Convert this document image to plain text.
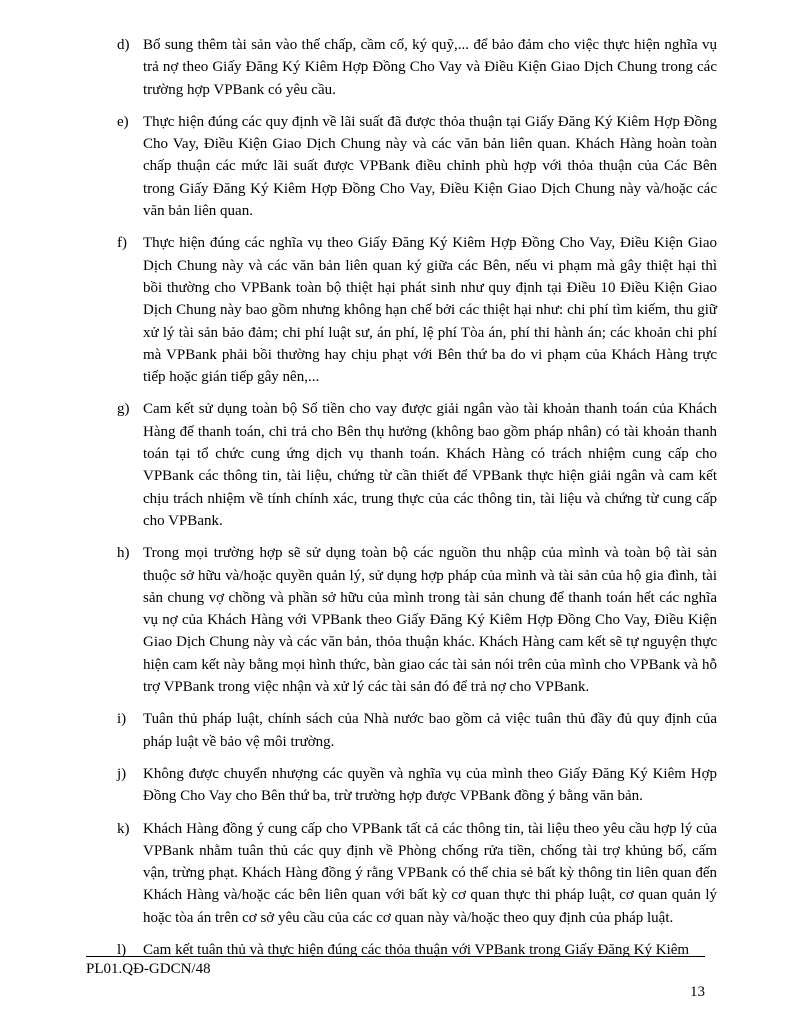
d) Bổ sung thêm tài sản vào thế chấp, cầm cố, ký quỹ,... để bảo đảm cho việc thực hiện nghĩa vụ trả nợ theo Giấy Đăng Ký Kiêm Hợp Đồng Cho Vay và Điều Kiện Giao Dịch Chung trong các trường hợp VPBank có yêu cầu.
e) Thực hiện đúng các quy định về lãi suất đã được thỏa thuận tại Giấy Đăng Ký Kiêm Hợp Đồng Cho Vay, Điều Kiện Giao Dịch Chung này và các văn bản liên quan. Khách Hàng hoàn toàn chấp thuận các mức lãi suất được VPBank điều chỉnh phù hợp với thỏa thuận của Các Bên trong Giấy Đăng Ký Kiêm Hợp Đồng Cho Vay, Điều Kiện Giao Dịch Chung này và/hoặc các văn bản liên quan.
f) Thực hiện đúng các nghĩa vụ theo Giấy Đăng Ký Kiêm Hợp Đồng Cho Vay, Điều Kiện Giao Dịch Chung này và các văn bản liên quan ký giữa các Bên, nếu vi phạm mà gây thiệt hại thì bồi thường cho VPBank toàn bộ thiệt hại phát sinh như quy định tại Điều 10 Điều Kiện Giao Dịch Chung này bao gồm nhưng không hạn chế bởi các thiệt hại như: chi phí tìm kiếm, thu giữ xử lý tài sản bảo đảm; chi phí luật sư, án phí, lệ phí Tòa án, phí thi hành án; các khoản chi phí mà VPBank phải bồi thường hay chịu phạt với Bên thứ ba do vi phạm của Khách Hàng trực tiếp hoặc gián tiếp gây nên,...
g) Cam kết sử dụng toàn bộ Số tiền cho vay được giải ngân vào tài khoản thanh toán của Khách Hàng để thanh toán, chi trả cho Bên thụ hưởng (không bao gồm pháp nhân) có tài khoản thanh toán tại tổ chức cung ứng dịch vụ thanh toán. Khách Hàng có trách nhiệm cung cấp cho VPBank các thông tin, tài liệu, chứng từ cần thiết để VPBank thực hiện giải ngân và cam kết chịu trách nhiệm về tính chính xác, trung thực của các thông tin, tài liệu và chứng từ cung cấp cho VPBank.
h) Trong mọi trường hợp sẽ sử dụng toàn bộ các nguồn thu nhập của mình và toàn bộ tài sản thuộc sở hữu và/hoặc quyền quản lý, sử dụng hợp pháp của mình và tài sản của hộ gia đình, tài sản chung vợ chồng và phần sở hữu của mình trong tài sản chung để thanh toán hết các nghĩa vụ nợ của Khách Hàng với VPBank theo Giấy Đăng Ký Kiêm Hợp Đồng Cho Vay, Điều Kiện Giao Dịch Chung này và các văn bản, thỏa thuận khác. Khách Hàng cam kết sẽ tự nguyện thực hiện cam kết này bằng mọi hình thức, bàn giao các tài sản nói trên của mình cho VPBank và hỗ trợ VPBank trong việc nhận và xử lý các tài sản đó để trả nợ cho VPBank.
i) Tuân thủ pháp luật, chính sách của Nhà nước bao gồm cả việc tuân thủ đầy đủ quy định của pháp luật về bảo vệ môi trường.
j) Không được chuyển nhượng các quyền và nghĩa vụ của mình theo Giấy Đăng Ký Kiêm Hợp Đồng Cho Vay cho Bên thứ ba, trừ trường hợp được VPBank đồng ý bằng văn bản.
k) Khách Hàng đồng ý cung cấp cho VPBank tất cả các thông tin, tài liệu theo yêu cầu hợp lý của VPBank nhằm tuân thủ các quy định về Phòng chống rửa tiền, chống tài trợ khủng bố, cấm vận, trừng phạt. Khách Hàng đồng ý rằng VPBank có thể chia sẻ bất kỳ thông tin liên quan đến Khách Hàng và/hoặc các bên liên quan với bất kỳ cơ quan thực thi pháp luật, cơ quan quản lý hoặc tòa án trên cơ sở yêu cầu của các cơ quan này và/hoặc theo quy định của pháp luật.
l) Cam kết tuân thủ và thực hiện đúng các thỏa thuận với VPBank trong Giấy Đăng Ký Kiêm
PL01.QĐ-GDCN/48
13
